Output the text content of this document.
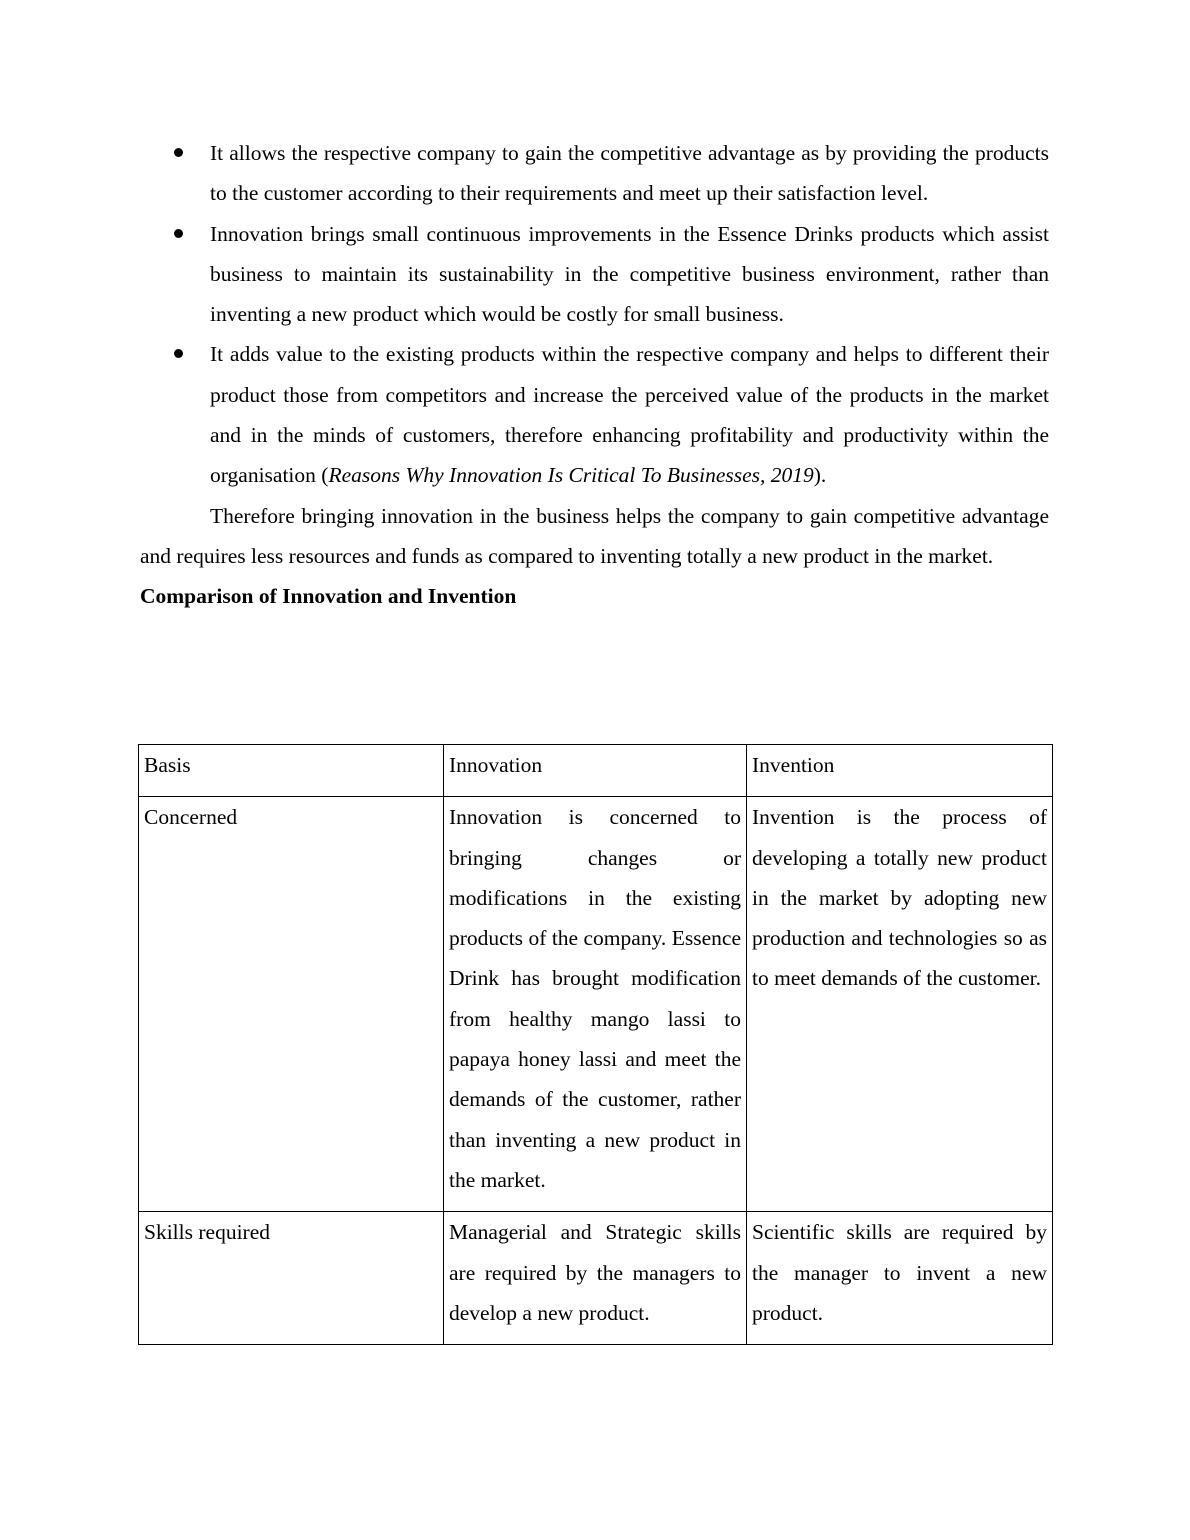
It allows the respective company to gain the competitive advantage as by providing the products to the customer according to their requirements and meet up their satisfaction level.
Innovation brings small continuous improvements in the Essence Drinks products which assist business to maintain its sustainability in the competitive business environment, rather than inventing a new product which would be costly for small business.
It adds value to the existing products within the respective company and helps to different their product those from competitors and increase the perceived value of the products in the market and in the minds of customers, therefore enhancing profitability and productivity within the organisation (Reasons Why Innovation Is Critical To Businesses, 2019).

Therefore bringing innovation in the business helps the company to gain competitive advantage and requires less resources and funds as compared to inventing totally a new product in the market.

Comparison of Innovation and Invention

Basis	Innovation	Invention
Concerned	Innovation is concerned to bringing changes or modifications in the existing products of the company. Essence Drink has brought modification from healthy mango lassi to papaya honey lassi and meet the demands of the customer, rather than inventing a new product in the market.	Invention is the process of developing a totally new product in the market by adopting new production and technologies so as to meet demands of the customer.
Skills required	Managerial and Strategic skills are required by the managers to develop a new product.	Scientific skills are required by the manager to invent a new product.
